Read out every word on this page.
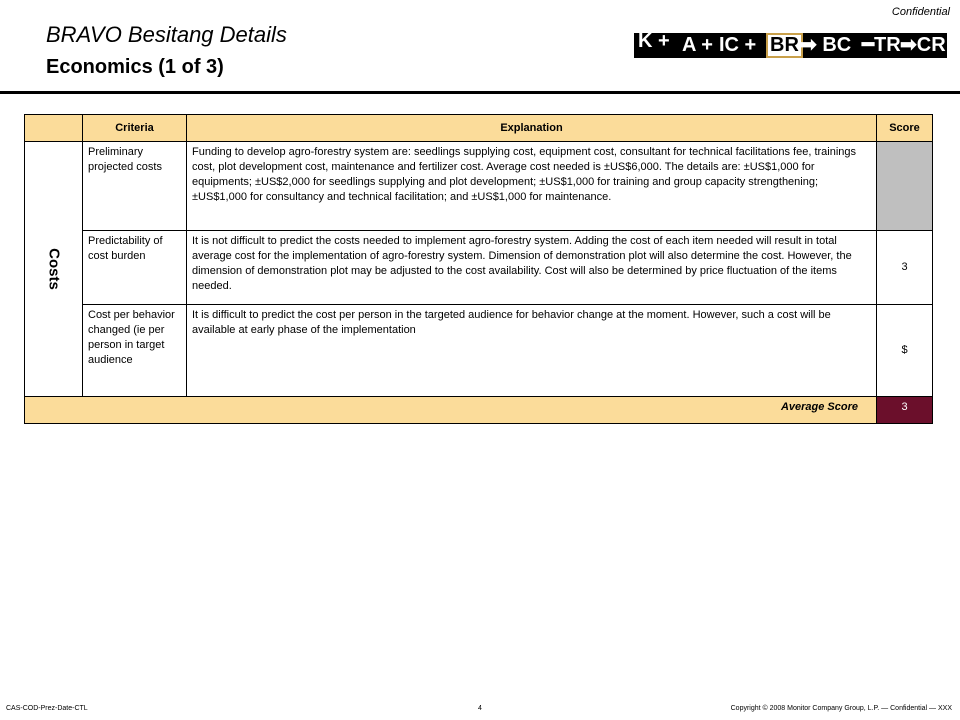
Confidential
BRAVO Besitang Details
Economics (1 of 3)
K + A + IC + BR ➡ BC ━TR ➡CR
	Criteria	Explanation	Score

Costs	Preliminary projected costs	Funding to develop agro-forestry system are: seedlings supplying cost, equipment cost, consultant for technical facilitations fee, trainings cost, plot development cost, maintenance and fertilizer cost. Average cost needed is ±US$6,000. The details are: ±US$1,000 for equipments; ±US$2,000 for seedlings supplying and plot development; ±US$1,000 for training and group capacity strengthening; ±US$1,000 for consultancy and technical facilitation; and ±US$1,000 for maintenance.	
	Predictability of cost burden	It is not difficult to predict the costs needed to implement agro-forestry system. Adding the cost of each item needed will result in total average cost for the implementation of agro-forestry system. Dimension of demonstration plot will also determine the cost. However, the dimension of demonstration plot may be adjusted to the cost availability. Cost will also be determined by price fluctuation of the items needed.	3
	Cost per behavior changed (ie per person in target audience	It is difficult to predict the cost per person in the targeted audience for behavior change at the moment. However, such a cost will be available at early phase of the implementation	$
Average Score			3
CAS-COD-Prez-Date-CTL	4	Copyright © 2008 Monitor Company Group, L.P. — Confidential — XXX
